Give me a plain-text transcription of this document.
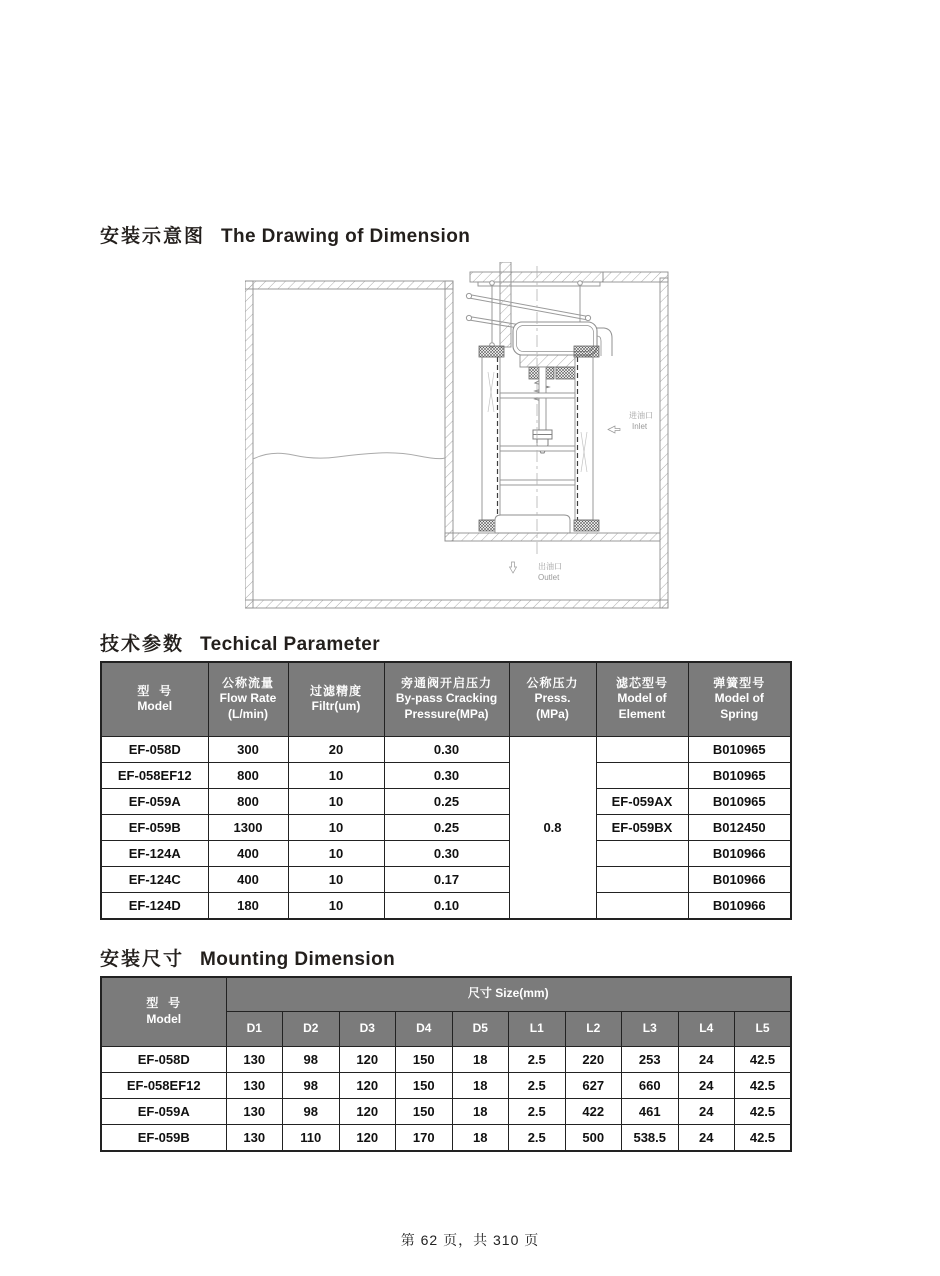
安装示意图 The Drawing of Dimension
进油口
Inlet
出油口
Outlet
技术参数 Techical Parameter
型  号
Model

公称流量
Flow Rate
(L/min)

过滤精度
Filtr(um)

旁通阀开启压力
By-pass Cracking
Pressure(MPa)

公称压力
Press.
(MPa)

滤芯型号
Model of
Element

弹簧型号
Model of
Spring

EF-058D	300	20	0.30	0.8		B010965
EF-058EF12	800	10	0.30			B010965
EF-059A	800	10	0.25		EF-059AX	B010965
EF-059B	1300	10	0.25		EF-059BX	B012450
EF-124A	400	10	0.30			B010966
EF-124C	400	10	0.17			B010966
EF-124D	180	10	0.10			B010966
安装尺寸 Mounting Dimension
型  号
Model	尺寸 Size(mm)									
	D1	D2	D3	D4	D5	L1	L2	L3	L4	L5
EF-058D	130	98	120	150	18	2.5	220	253	24	42.5
EF-058EF12	130	98	120	150	18	2.5	627	660	24	42.5
EF-059A	130	98	120	150	18	2.5	422	461	24	42.5
EF-059B	130	110	120	170	18	2.5	500	538.5	24	42.5
第 62 页，共 310 页
